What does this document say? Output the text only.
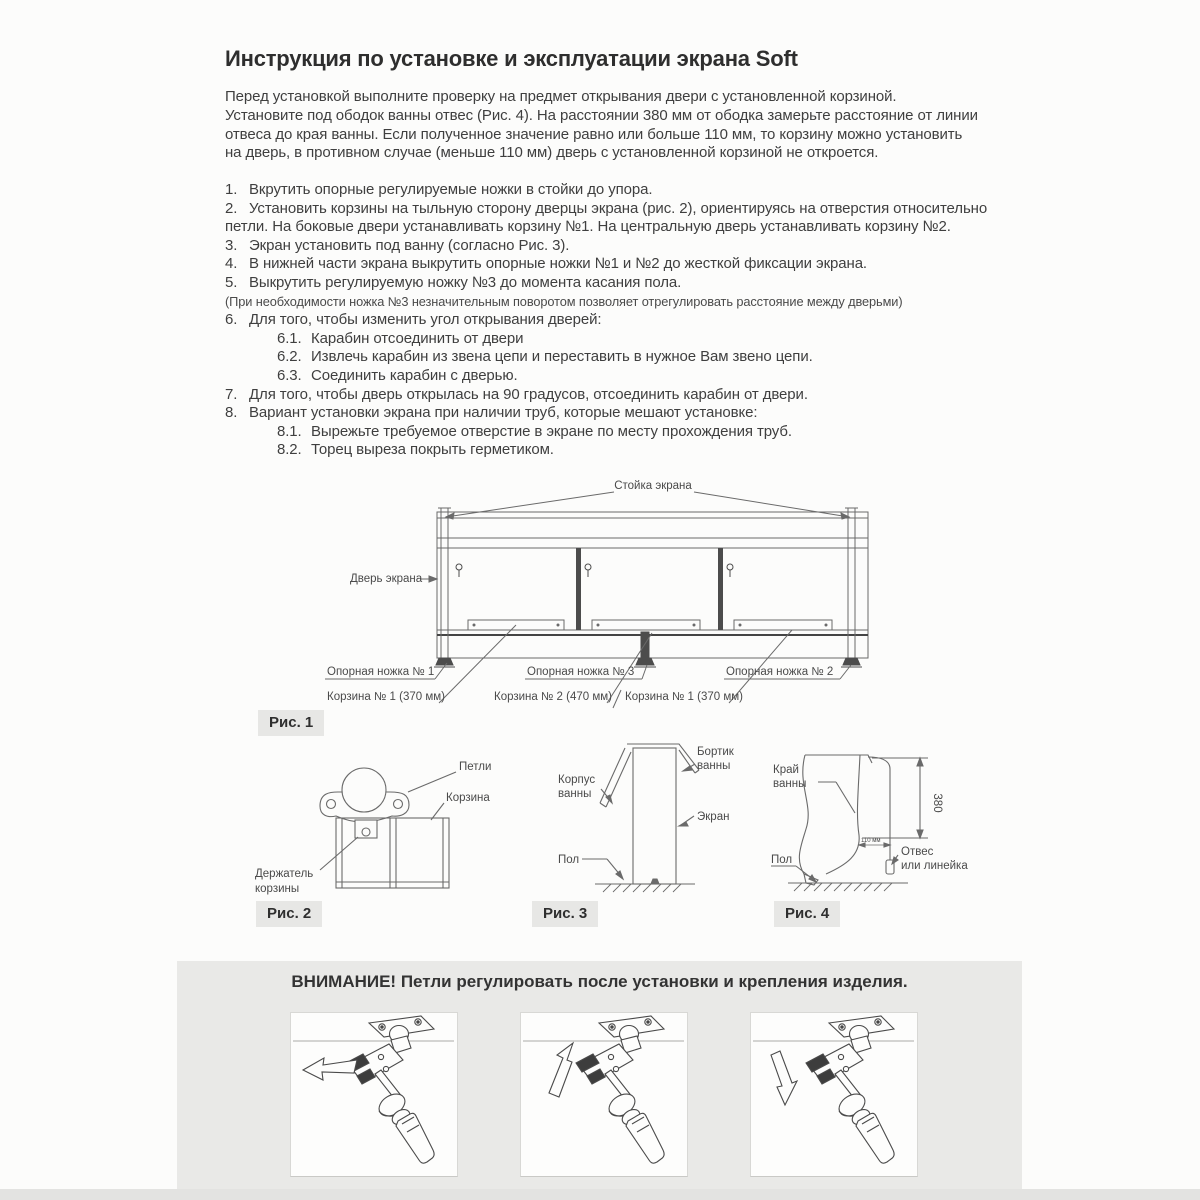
Инструкция по установке и эксплуатации экрана Soft
Перед установкой выполните проверку на предмет открывания двери с установленной корзиной.
Установите под ободок ванны отвес (Рис. 4). На расстоянии 380 мм от ободка замерьте расстояние от линии
отвеса до края ванны. Если полученное значение равно или больше 110 мм, то корзину можно установить
на дверь, в противном случае (меньше 110 мм) дверь с установленной корзиной не откроется.
1. Вкрутить опорные регулируемые ножки в стойки до упора.
2. Установить корзины на тыльную сторону дверцы экрана (рис. 2), ориентируясь на отверстия относительно
петли. На боковые двери устанавливать корзину №1. На центральную дверь устанавливать корзину №2.
3. Экран установить под ванну (согласно Рис. 3).
4. В нижней части экрана выкрутить опорные ножки №1 и №2 до жесткой фиксации экрана.
5. Выкрутить регулируемую ножку №3 до момента касания пола.
(При необходимости ножка №3 незначительным поворотом позволяет отрегулировать расстояние между дверьми)
6. Для того, чтобы изменить угол открывания дверей:
6.1. Карабин отсоединить от двери
6.2. Извлечь карабин из звена цепи и переставить в нужное Вам звено цепи.
6.3. Соединить карабин с дверью.
7. Для того, чтобы дверь открылась на 90 градусов, отсоединить карабин от двери.
8. Вариант установки экрана при наличии труб, которые мешают установке:
8.1. Вырежьте требуемое отверстие в экране по месту прохождения труб.
8.2. Торец выреза покрыть герметиком.
Стойка экрана
Дверь экрана
Опорная ножка № 1	Опорная ножка № 3	Опорная ножка № 2
Корзина № 1 (370 мм)	Корзина № 2 (470 мм) Корзина № 1 (370 мм)
Рис. 1
Петли
Корзина
Держатель
корзины
Рис. 2
Корпус
ванны
Бортик
ванны
Экран
Пол
Рис. 3
Край
ванны
380
110 мм
Отвес
или линейка
Пол
Рис. 4
ВНИМАНИЕ! Петли регулировать после установки и крепления изделия.
